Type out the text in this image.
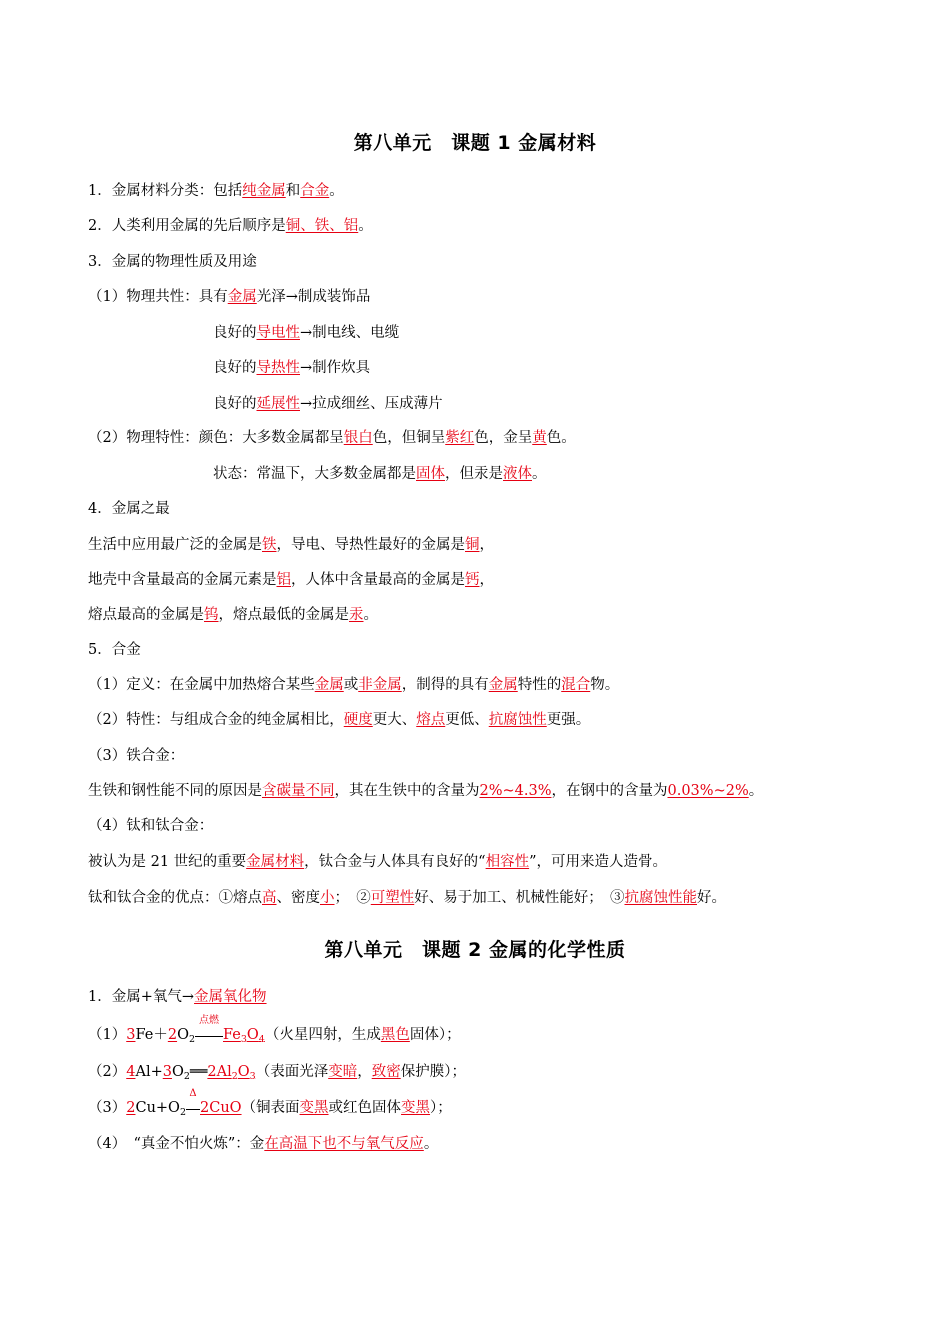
第八单元　课题 1 金属材料
1．金属材料分类：包括纯金属和合金。
2．人类利用金属的先后顺序是铜、铁、铝。
3．金属的物理性质及用途
（1）物理共性：具有金属光泽→制成装饰品
良好的导电性→制电线、电缆
良好的导热性→制作炊具
良好的延展性→拉成细丝、压成薄片
（2）物理特性：颜色：大多数金属都呈银白色，但铜呈紫红色，金呈黄色。
状态：常温下，大多数金属都是固体，但汞是液体。
4．金属之最
生活中应用最广泛的金属是铁，导电、导热性最好的金属是铜，
地壳中含量最高的金属元素是铝，人体中含量最高的金属是钙，
熔点最高的金属是钨，熔点最低的金属是汞。
5．合金
（1）定义：在金属中加热熔合某些金属或非金属，制得的具有金属特性的混合物。
（2）特性：与组成合金的纯金属相比，硬度更大、熔点更低、抗腐蚀性更强。
（3）铁合金：
生铁和钢性能不同的原因是含碳量不同，其在生铁中的含量为2%~4.3%，在钢中的含量为0.03%~2%。
（4）钛和钛合金：
被认为是 21 世纪的重要金属材料，钛合金与人体具有良好的“相容性”，可用来造人造骨。
钛和钛合金的优点：①熔点高、密度小；　②可塑性好、易于加工、机械性能好；　③抗腐蚀性能好。
第八单元　课题 2 金属的化学性质
1．金属+氧气→金属氧化物
$(1)3Fe+2O_2$
点燃
$Fe_3O_4$（火星四射，生成黑色固体）；
$(2)4Al+3O_2══2Al_2O_3$（表面光泽变暗，致密保护膜）；
$(3)2Cu+O_2$
Δ
2CuO（铜表面变黑或红色固体变黑）；
（4）　“真金不怕火炼”：金在高温下也不与氧气反应。
